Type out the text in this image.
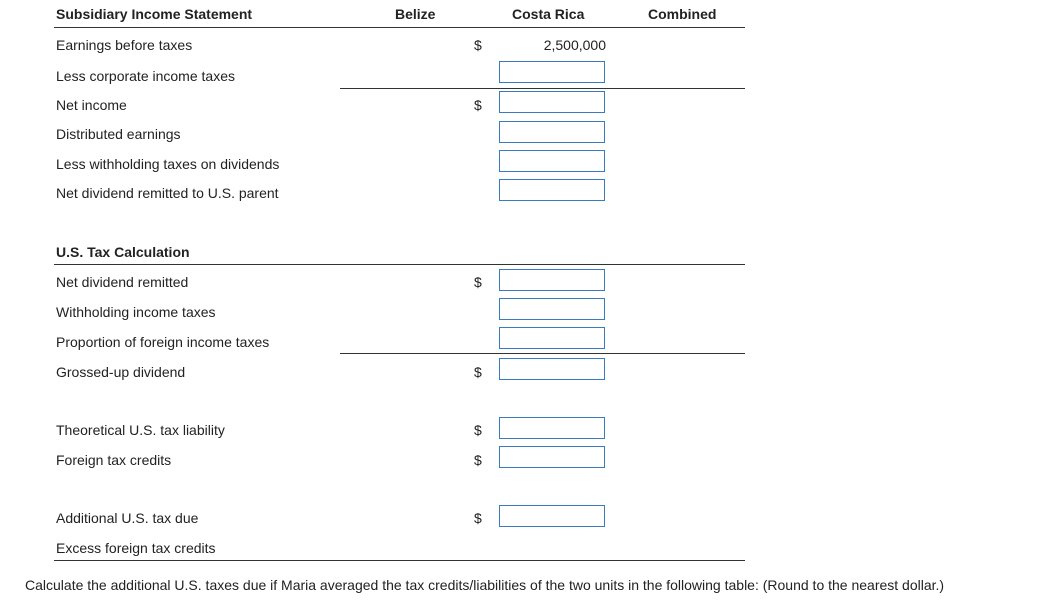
Subsidiary Income Statement	Belize	Costa Rica	Combined
Earnings before taxes	$	2,500,000
Less corporate income taxes
Net income	$
Distributed earnings
Less withholding taxes on dividends
Net dividend remitted to U.S. parent
U.S. Tax Calculation
Net dividend remitted	$
Withholding income taxes
Proportion of foreign income taxes
Grossed-up dividend	$
Theoretical U.S. tax liability	$
Foreign tax credits	$
Additional U.S. tax due	$
Excess foreign tax credits
Calculate the additional U.S. taxes due if Maria averaged the tax credits/liabilities of the two units in the following table: (Round to the nearest dollar.)
